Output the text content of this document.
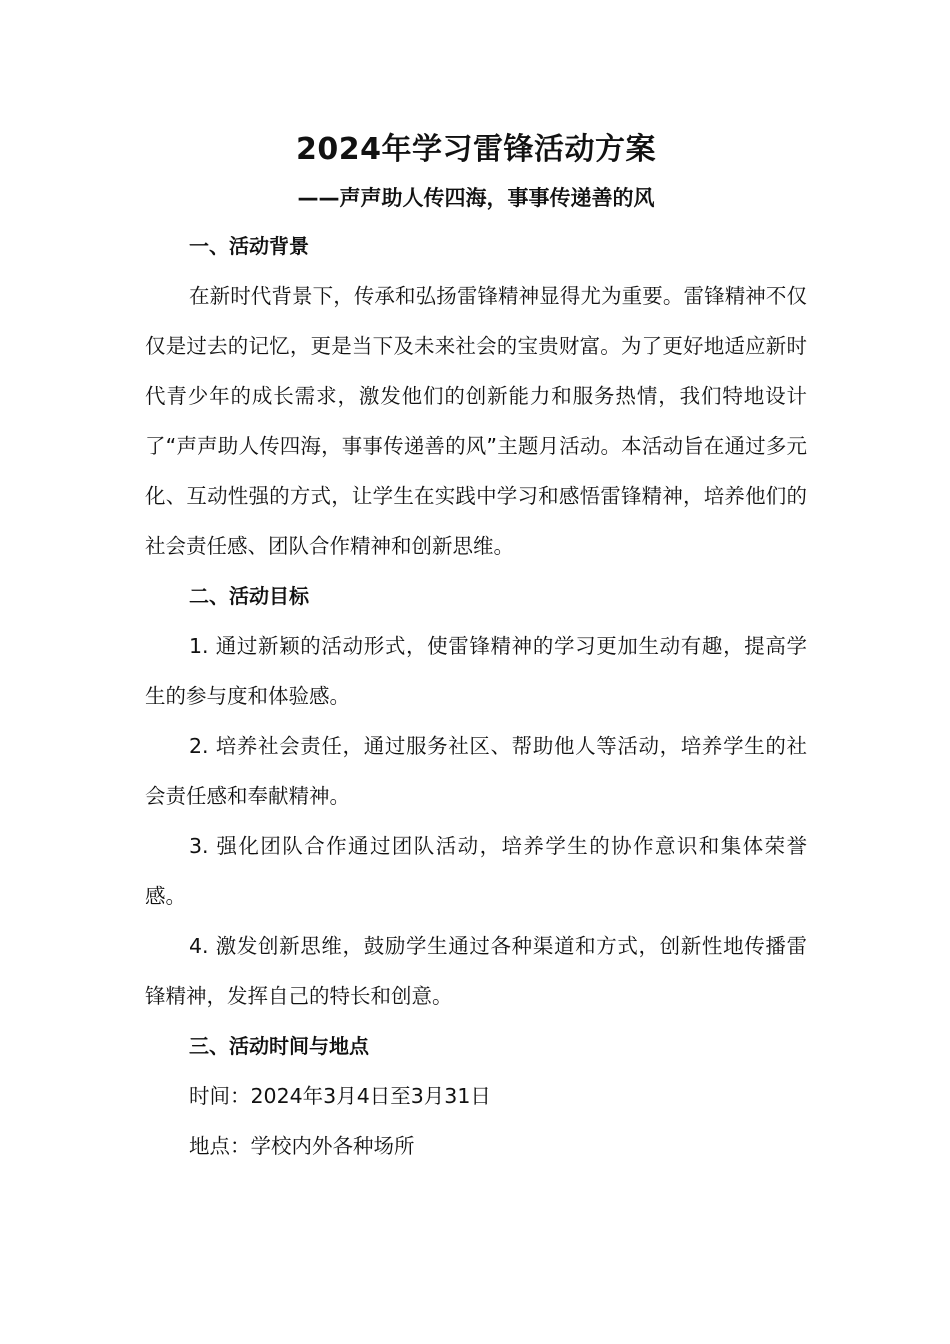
2024年学习雷锋活动方案
——声声助人传四海，事事传递善的风
一、活动背景

在新时代背景下，传承和弘扬雷锋精神显得尤为重要。雷锋精神不仅仅是过去的记忆，更是当下及未来社会的宝贵财富。为了更好地适应新时代青少年的成长需求，激发他们的创新能力和服务热情，我们特地设计了“声声助人传四海，事事传递善的风”主题月活动。本活动旨在通过多元化、互动性强的方式，让学生在实践中学习和感悟雷锋精神，培养他们的社会责任感、团队合作精神和创新思维。

二、活动目标

1. 通过新颖的活动形式，使雷锋精神的学习更加生动有趣，提高学生的参与度和体验感。

2. 培养社会责任，通过服务社区、帮助他人等活动，培养学生的社会责任感和奉献精神。

3. 强化团队合作通过团队活动，培养学生的协作意识和集体荣誉感。

4. 激发创新思维，鼓励学生通过各种渠道和方式，创新性地传播雷锋精神，发挥自己的特长和创意。

三、活动时间与地点

时间：2024年3月4日至3月31日

地点：学校内外各种场所
